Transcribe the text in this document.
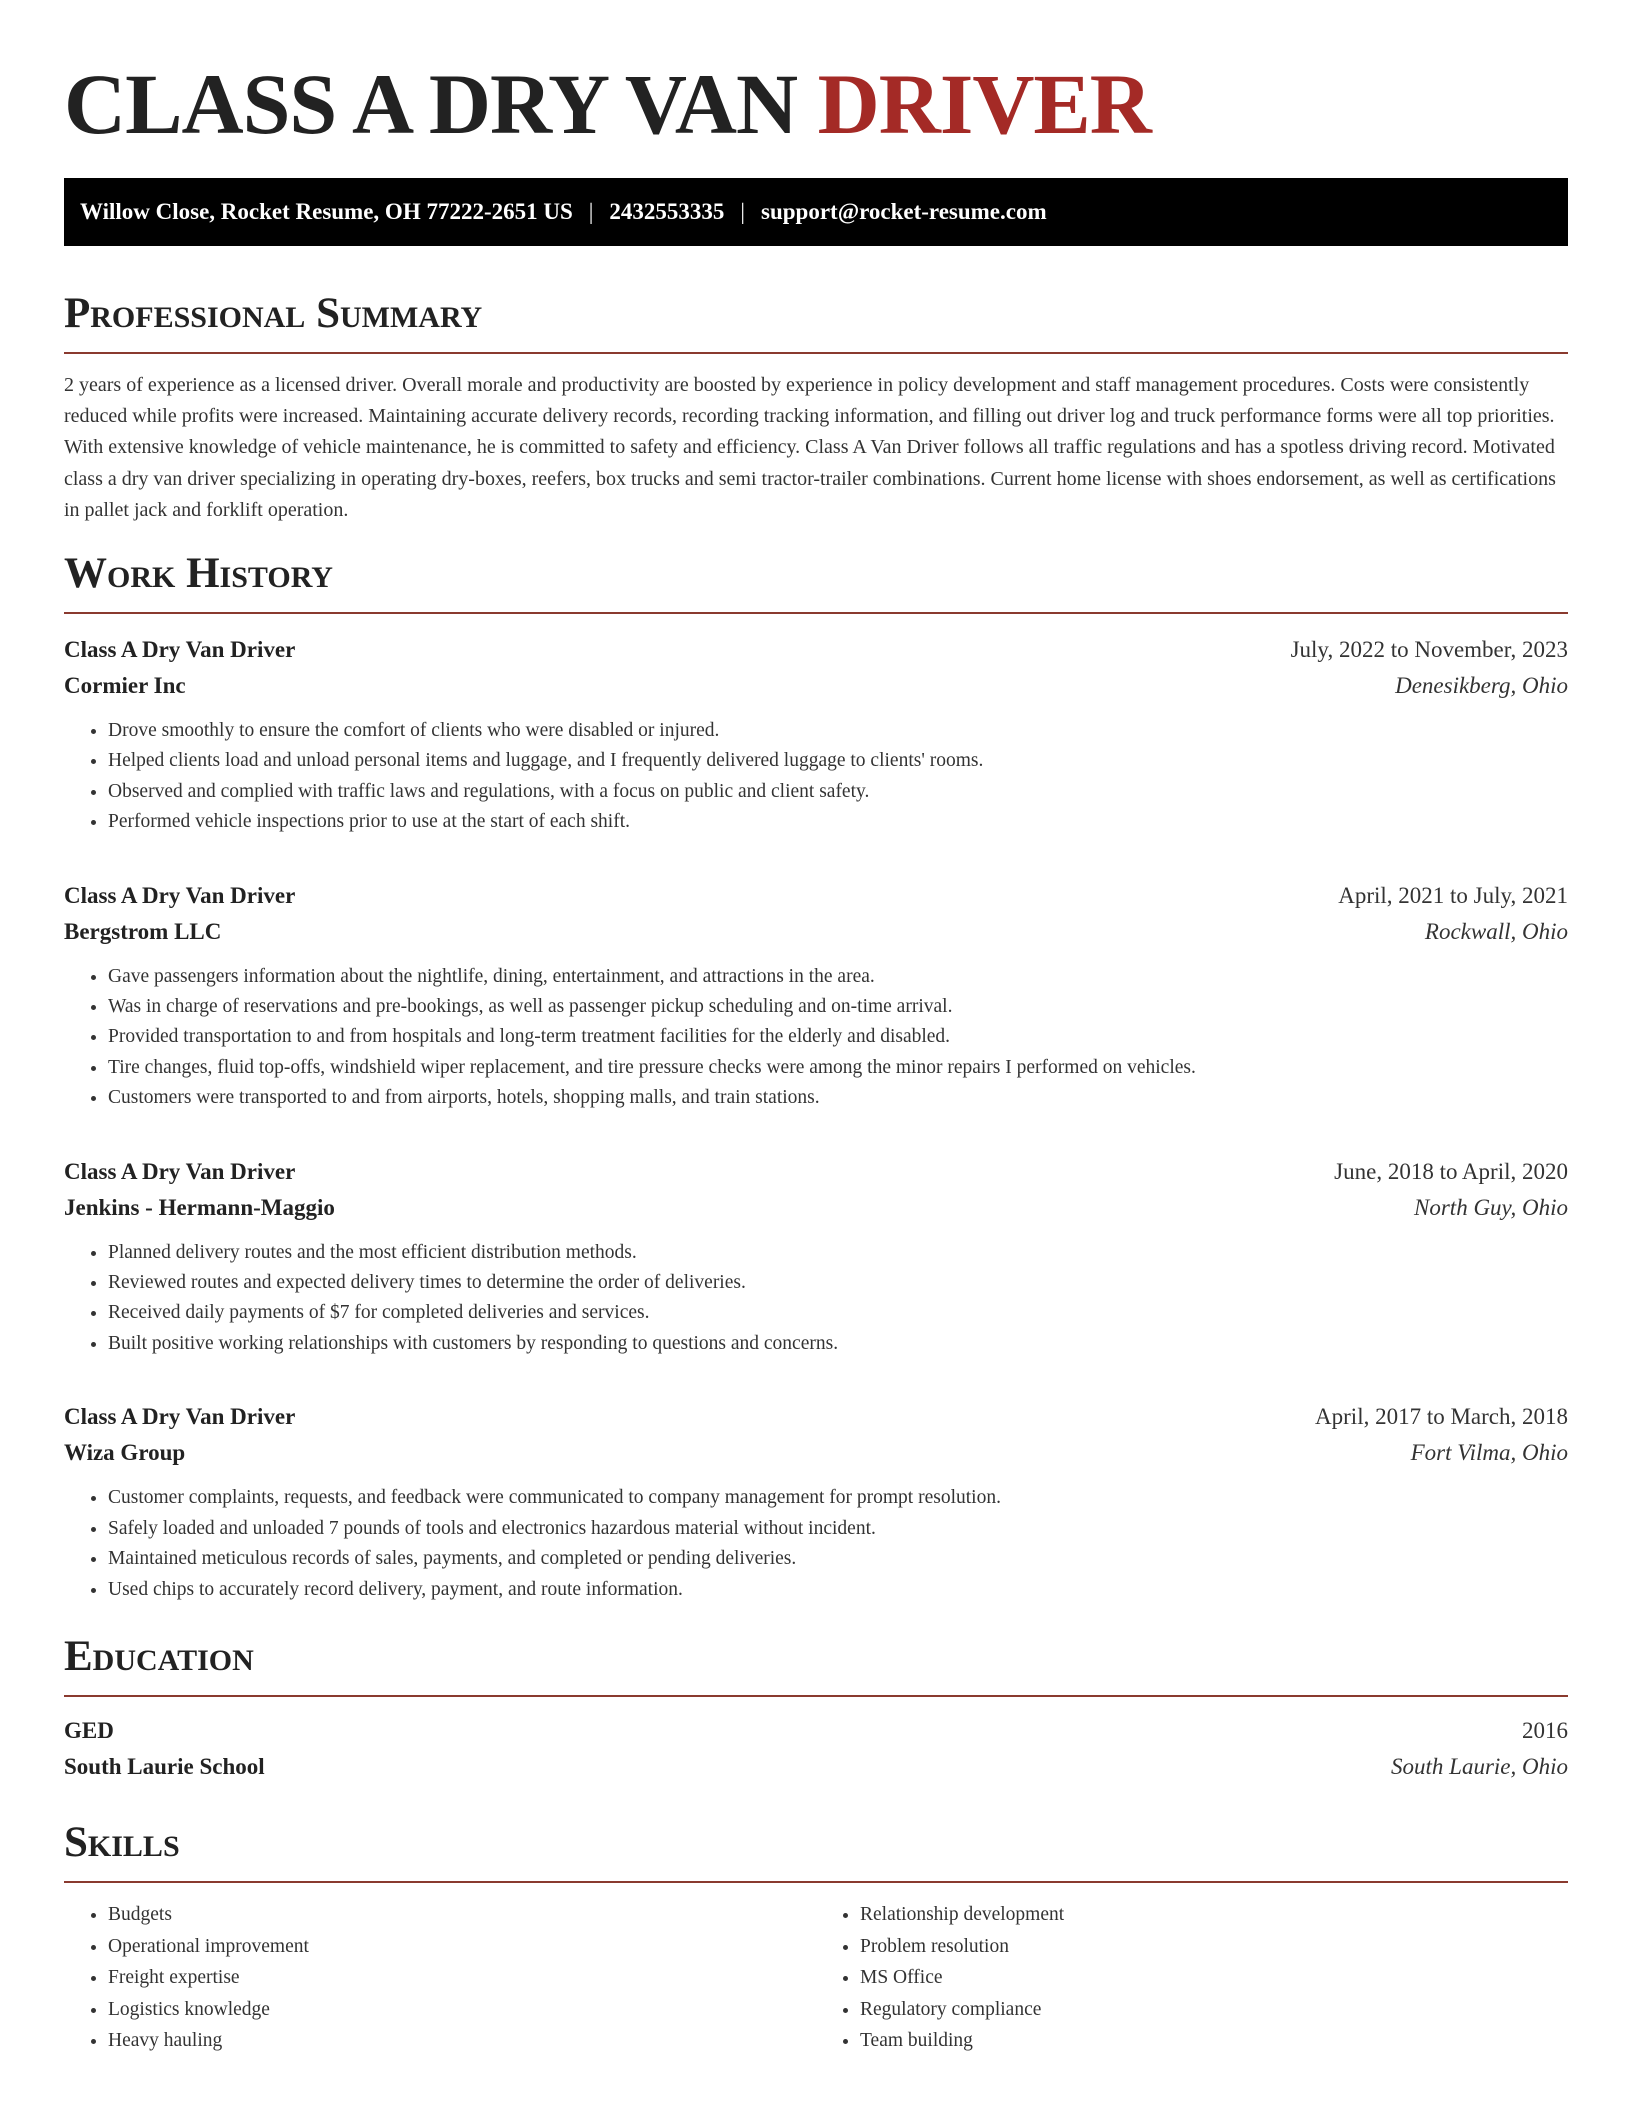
CLASS A DRY VAN DRIVER
Willow Close, Rocket Resume, OH 77222-2651 US | 2432553335 | support@rocket-resume.com
Professional Summary
2 years of experience as a licensed driver. Overall morale and productivity are boosted by experience in policy development and staff management procedures. Costs were consistently reduced while profits were increased. Maintaining accurate delivery records, recording tracking information, and filling out driver log and truck performance forms were all top priorities. With extensive knowledge of vehicle maintenance, he is committed to safety and efficiency. Class A Van Driver follows all traffic regulations and has a spotless driving record. Motivated class a dry van driver specializing in operating dry-boxes, reefers, box trucks and semi tractor-trailer combinations. Current home license with shoes endorsement, as well as certifications in pallet jack and forklift operation.
Work History
Class A Dry Van Driver	July, 2022 to November, 2023
Cormier Inc	Denesikberg, Ohio
• Drove smoothly to ensure the comfort of clients who were disabled or injured.
• Helped clients load and unload personal items and luggage, and I frequently delivered luggage to clients' rooms.
• Observed and complied with traffic laws and regulations, with a focus on public and client safety.
• Performed vehicle inspections prior to use at the start of each shift.
Class A Dry Van Driver	April, 2021 to July, 2021
Bergstrom LLC	Rockwall, Ohio
• Gave passengers information about the nightlife, dining, entertainment, and attractions in the area.
• Was in charge of reservations and pre-bookings, as well as passenger pickup scheduling and on-time arrival.
• Provided transportation to and from hospitals and long-term treatment facilities for the elderly and disabled.
• Tire changes, fluid top-offs, windshield wiper replacement, and tire pressure checks were among the minor repairs I performed on vehicles.
• Customers were transported to and from airports, hotels, shopping malls, and train stations.
Class A Dry Van Driver	June, 2018 to April, 2020
Jenkins - Hermann-Maggio	North Guy, Ohio
• Planned delivery routes and the most efficient distribution methods.
• Reviewed routes and expected delivery times to determine the order of deliveries.
• Received daily payments of $7 for completed deliveries and services.
• Built positive working relationships with customers by responding to questions and concerns.
Class A Dry Van Driver	April, 2017 to March, 2018
Wiza Group	Fort Vilma, Ohio
• Customer complaints, requests, and feedback were communicated to company management for prompt resolution.
• Safely loaded and unloaded 7 pounds of tools and electronics hazardous material without incident.
• Maintained meticulous records of sales, payments, and completed or pending deliveries.
• Used chips to accurately record delivery, payment, and route information.
Education
GED	2016
South Laurie School	South Laurie, Ohio
Skills
• Budgets
• Operational improvement
• Freight expertise
• Logistics knowledge
• Heavy hauling
• Relationship development
• Problem resolution
• MS Office
• Regulatory compliance
• Team building
